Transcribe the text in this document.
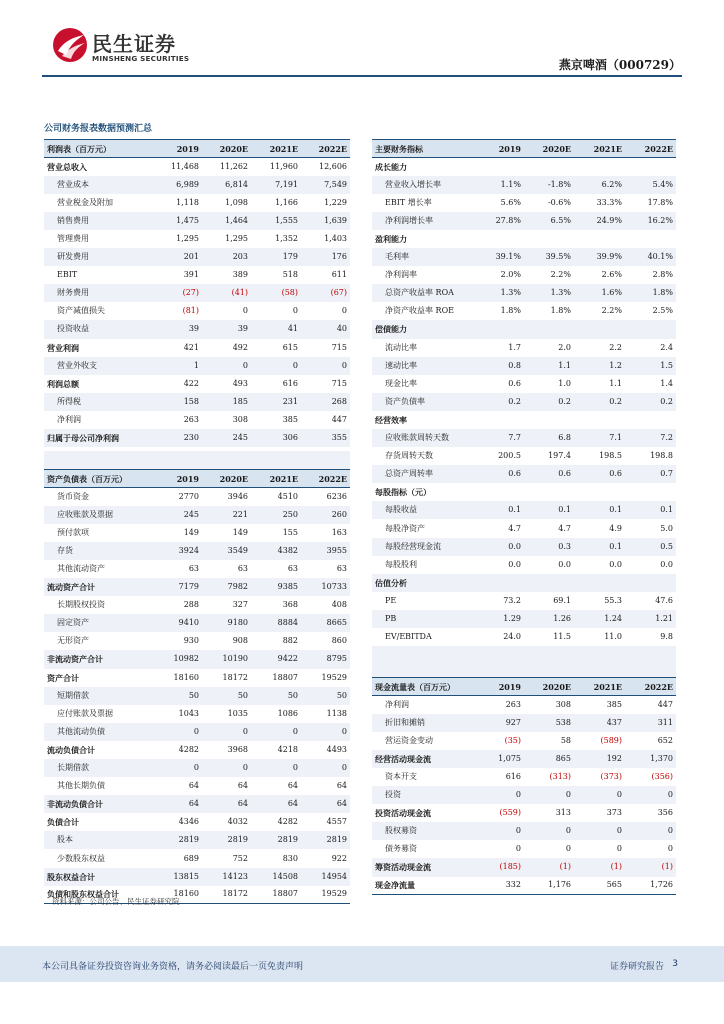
民生证券
MINSHENG SECURITIES	燕京啤酒（000729）
公司财务报表数据预测汇总
利润表（百万元）	2019	2020E	2021E	2022E
营业总收入	11,468	11,262	11,960	12,606
营业成本	6,989	6,814	7,191	7,549
营业税金及附加	1,118	1,098	1,166	1,229
销售费用	1,475	1,464	1,555	1,639
管理费用	1,295	1,295	1,352	1,403
研发费用	201	203	179	176
EBIT	391	389	518	611
财务费用	(27)	(41)	(58)	(67)
资产减值损失	(81)	0	0	0
投资收益	39	39	41	40
营业利润	421	492	615	715
营业外收支	1	0	0	0
利润总额	422	493	616	715
所得税	158	185	231	268
净利润	263	308	385	447
归属于母公司净利润	230	245	306	355

资产负债表（百万元）	2019	2020E	2021E	2022E
货币资金	2770	3946	4510	6236
应收账款及票据	245	221	250	260
预付款项	149	149	155	163
存货	3924	3549	4382	3955
其他流动资产	63	63	63	63
流动资产合计	7179	7982	9385	10733
长期股权投资	288	327	368	408
固定资产	9410	9180	8884	8665
无形资产	930	908	882	860
非流动资产合计	10982	10190	9422	8795
资产合计	18160	18172	18807	19529
短期借款	50	50	50	50
应付账款及票据	1043	1035	1086	1138
其他流动负债	0	0	0	0
流动负债合计	4282	3968	4218	4493
长期借款	0	0	0	0
其他长期负债	64	64	64	64
非流动负债合计	64	64	64	64
负债合计	4346	4032	4282	4557
股本	2819	2819	2819	2819
少数股东权益	689	752	830	922
股东权益合计	13815	14123	14508	14954
负债和股东权益合计	18160	18172	18807	19529
主要财务指标	2019	2020E	2021E	2022E
成长能力				
营业收入增长率	1.1%	-1.8%	6.2%	5.4%
EBIT 增长率	5.6%	-0.6%	33.3%	17.8%
净利润增长率	27.8%	6.5%	24.9%	16.2%
盈利能力				
毛利率	39.1%	39.5%	39.9%	40.1%
净利润率	2.0%	2.2%	2.6%	2.8%
总资产收益率 ROA	1.3%	1.3%	1.6%	1.8%
净资产收益率 ROE	1.8%	1.8%	2.2%	2.5%
偿债能力				
流动比率	1.7	2.0	2.2	2.4
速动比率	0.8	1.1	1.2	1.5
现金比率	0.6	1.0	1.1	1.4
资产负债率	0.2	0.2	0.2	0.2
经营效率				
应收账款周转天数	7.7	6.8	7.1	7.2
存货周转天数	200.5	197.4	198.5	198.8
总资产周转率	0.6	0.6	0.6	0.7
每股指标（元）				
每股收益	0.1	0.1	0.1	0.1
每股净资产	4.7	4.7	4.9	5.0
每股经营现金流	0.0	0.3	0.1	0.5
每股股利	0.0	0.0	0.0	0.0
估值分析				
PE	73.2	69.1	55.3	47.6
PB	1.29	1.26	1.24	1.21
EV/EBITDA	24.0	11.5	11.0	9.8

现金流量表（百万元）	2019	2020E	2021E	2022E
净利润	263	308	385	447
折旧和摊销	927	538	437	311
营运资金变动	(35)	58	(589)	652
经营活动现金流	1,075	865	192	1,370
资本开支	616	(313)	(373)	(356)
投资	0	0	0	0
投资活动现金流	(559)	313	373	356
股权募资	0	0	0	0
债务募资	0	0	0	0
筹资活动现金流	(185)	(1)	(1)	(1)
现金净流量	332	1,176	565	1,726
资料来源：公司公告、民生证券研究院
本公司具备证券投资咨询业务资格，请务必阅读最后一页免责声明	证券研究报告 3
